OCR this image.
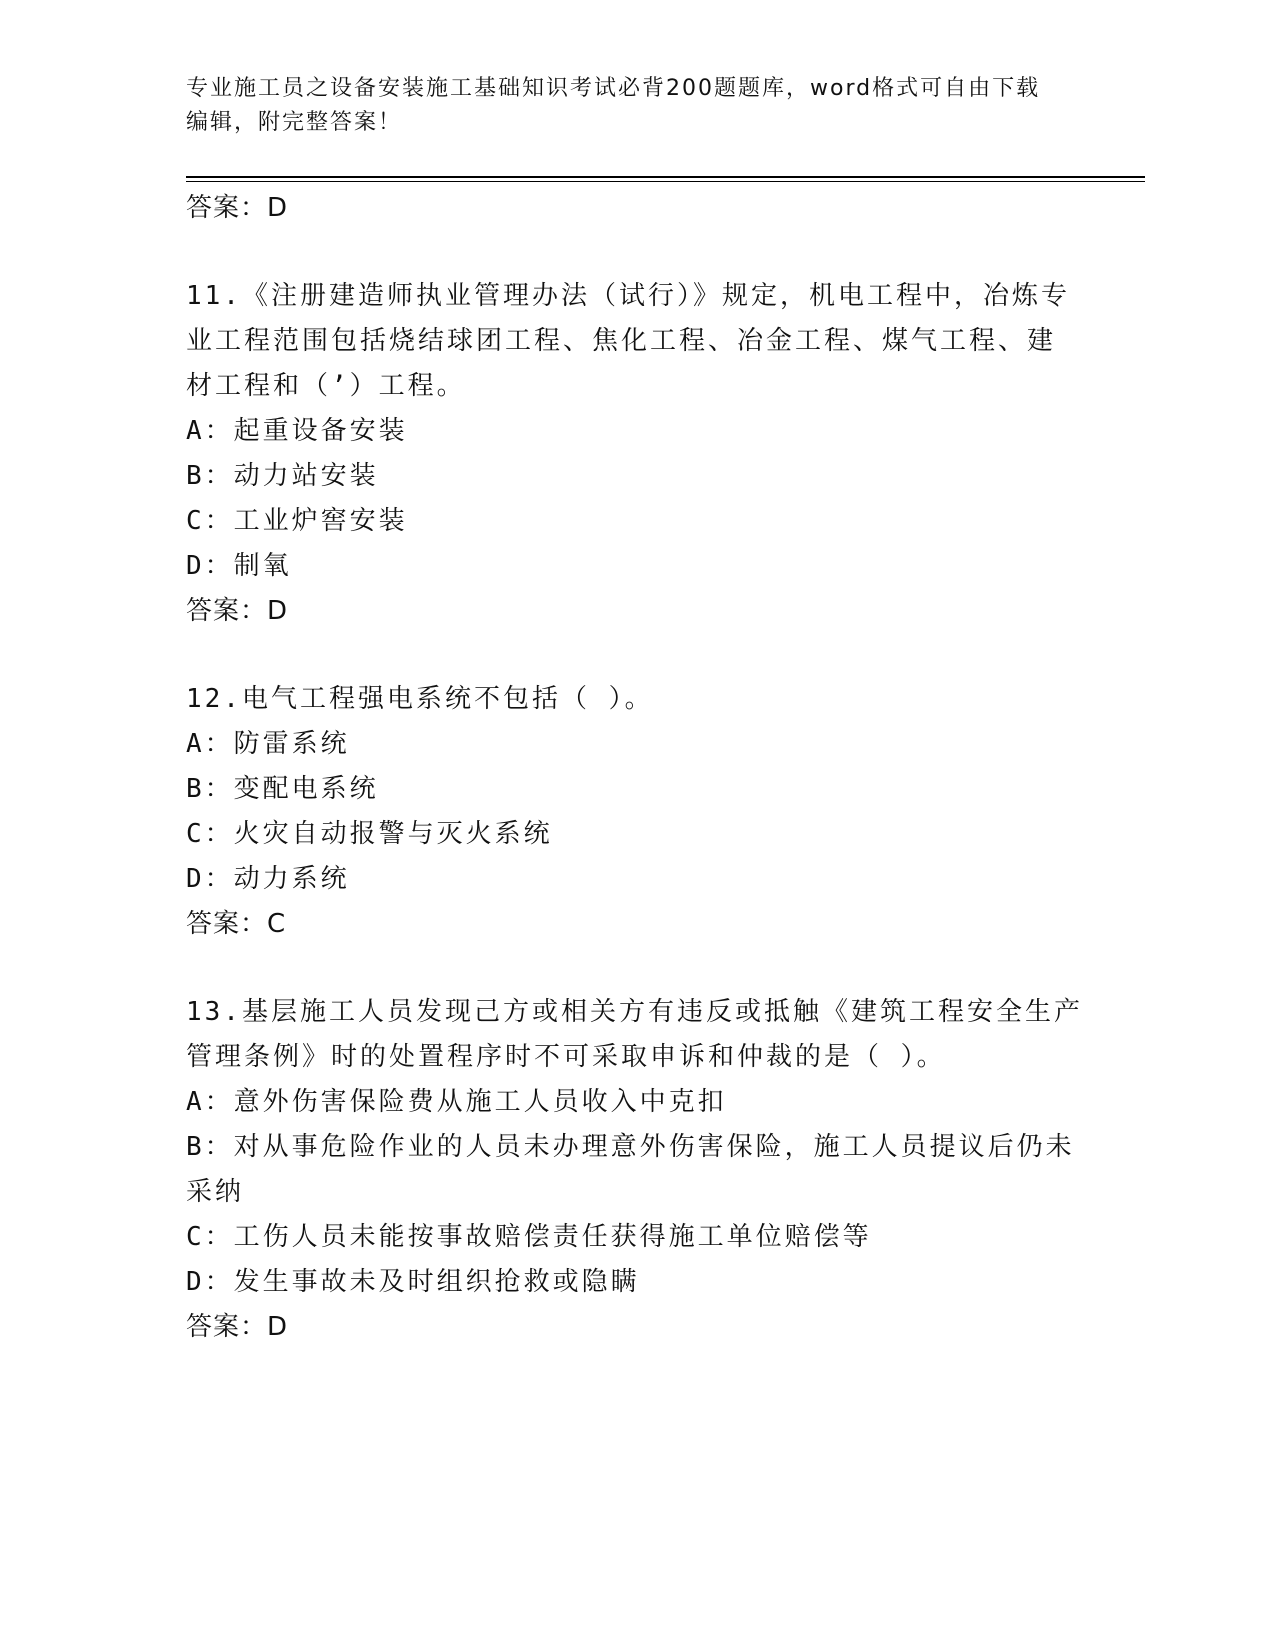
专业施工员之设备安装施工基础知识考试必背200题题库，word格式可自由下载
编辑，附完整答案！
答案：D
11.《注册建造师执业管理办法（试行）》规定，机电工程中，冶炼专
业工程范围包括烧结球团工程、焦化工程、冶金工程、煤气工程、建
材工程和（’）工程。
A：起重设备安装
B：动力站安装
C：工业炉窖安装
D：制氧
答案：D
12.电气工程强电系统不包括（ ）。
A：防雷系统
B：变配电系统
C：火灾自动报警与灭火系统
D：动力系统
答案：C
13.基层施工人员发现己方或相关方有违反或抵触《建筑工程安全生产
管理条例》时的处置程序时不可采取申诉和仲裁的是（ ）。
A：意外伤害保险费从施工人员收入中克扣
B：对从事危险作业的人员未办理意外伤害保险，施工人员提议后仍未
采纳
C：工伤人员未能按事故赔偿责任获得施工单位赔偿等
D：发生事故未及时组织抢救或隐瞒
答案：D
